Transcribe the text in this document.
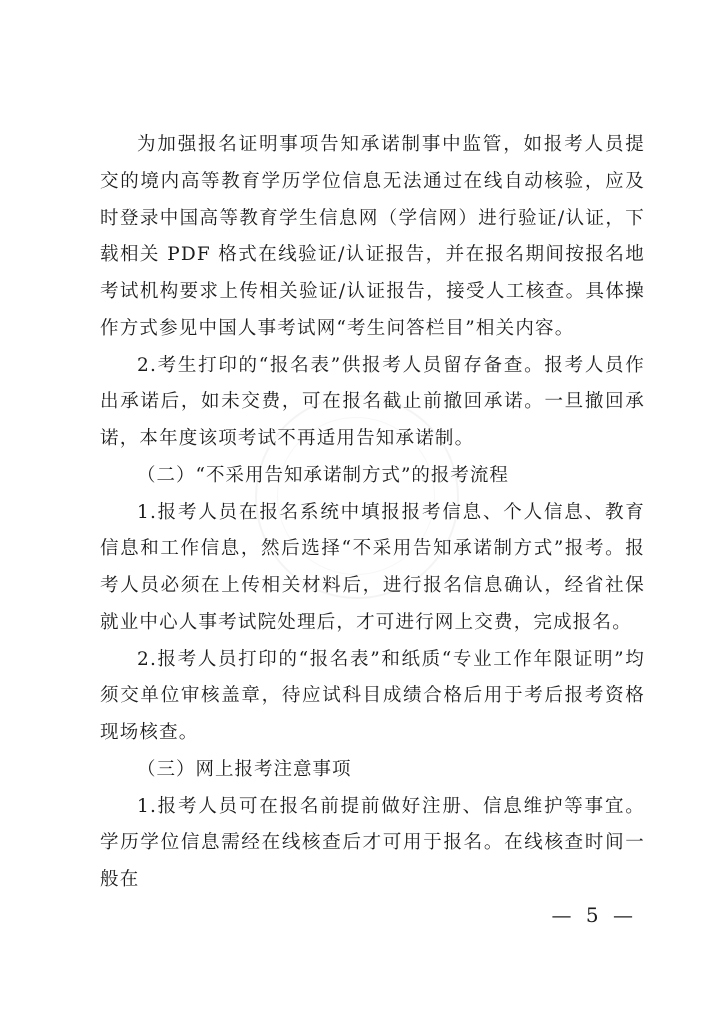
为加强报名证明事项告知承诺制事中监管，如报考人员提交的境内高等教育学历学位信息无法通过在线自动核验，应及时登录中国高等教育学生信息网（学信网）进行验证/认证，下载相关 PDF 格式在线验证/认证报告，并在报名期间按报名地考试机构要求上传相关验证/认证报告，接受人工核查。具体操作方式参见中国人事考试网“考生问答栏目”相关内容。

2.考生打印的“报名表”供报考人员留存备查。报考人员作出承诺后，如未交费，可在报名截止前撤回承诺。一旦撤回承诺，本年度该项考试不再适用告知承诺制。

（二）“不采用告知承诺制方式”的报考流程

1.报考人员在报名系统中填报报考信息、个人信息、教育信息和工作信息，然后选择“不采用告知承诺制方式”报考。报考人员必须在上传相关材料后，进行报名信息确认，经省社保就业中心人事考试院处理后，才可进行网上交费，完成报名。

2.报考人员打印的“报名表”和纸质“专业工作年限证明”均须交单位审核盖章，待应试科目成绩合格后用于考后报考资格现场核查。

（三）网上报考注意事项

1.报考人员可在报名前提前做好注册、信息维护等事宜。学历学位信息需经在线核查后才可用于报名。在线核查时间一般在

— 5 —
